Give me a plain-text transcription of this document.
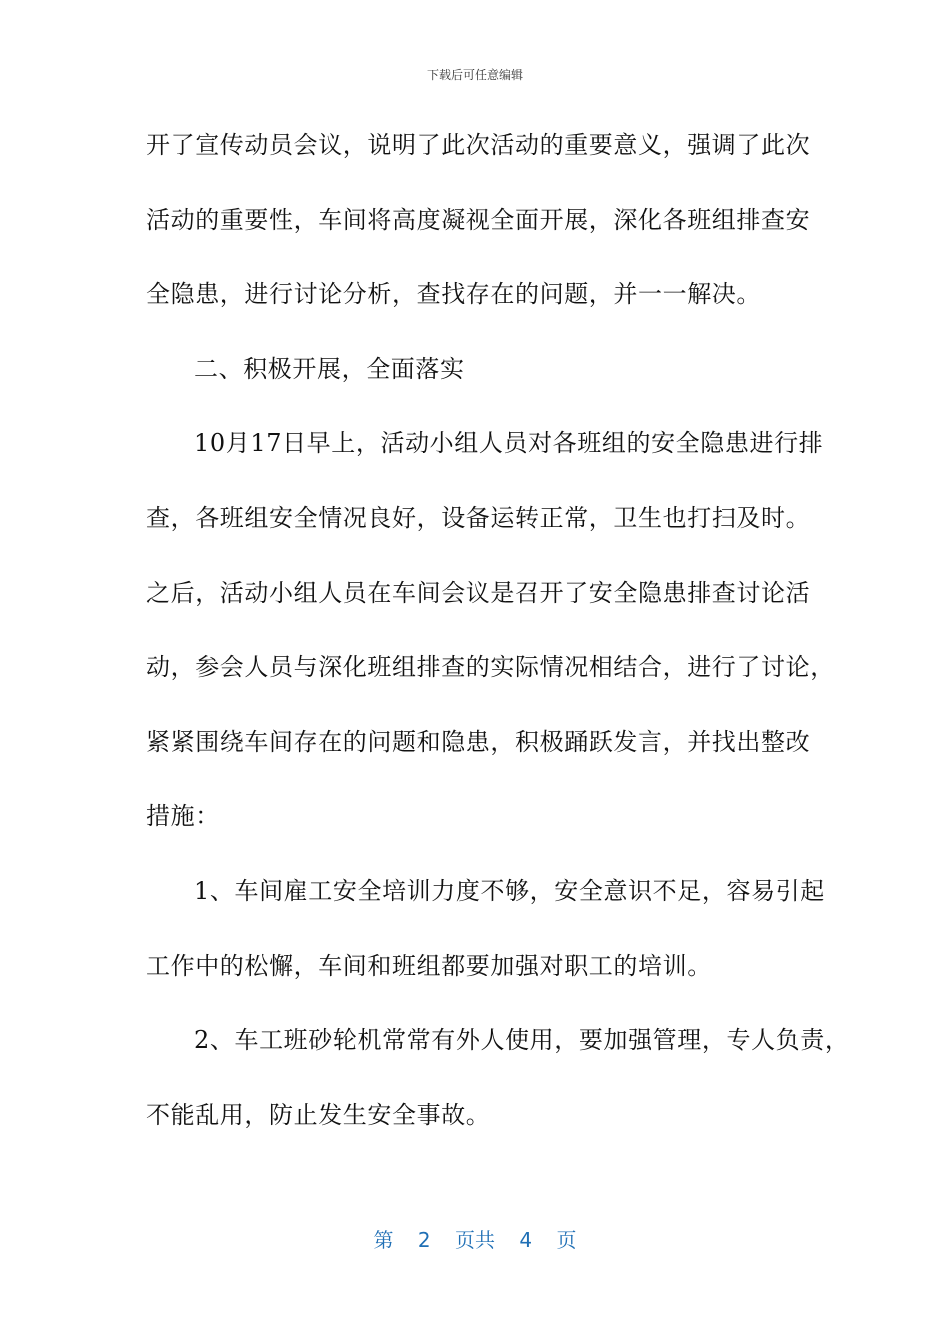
下载后可任意编辑
开了宣传动员会议，说明了此次活动的重要意义，强调了此次
活动的重要性，车间将高度凝视全面开展，深化各班组排查安
全隐患，进行讨论分析，查找存在的问题，并一一解决。
二、积极开展，全面落实
10月17日早上，活动小组人员对各班组的安全隐患进行排
查，各班组安全情况良好，设备运转正常，卫生也打扫及时。
之后，活动小组人员在车间会议是召开了安全隐患排查讨论活
动，参会人员与深化班组排查的实际情况相结合，进行了讨论，
紧紧围绕车间存在的问题和隐患，积极踊跃发言，并找出整改
措施：
1、车间雇工安全培训力度不够，安全意识不足，容易引起
工作中的松懈，车间和班组都要加强对职工的培训。
2、车工班砂轮机常常有外人使用，要加强管理，专人负责，
不能乱用，防止发生安全事故。
第 2 页共 4 页
